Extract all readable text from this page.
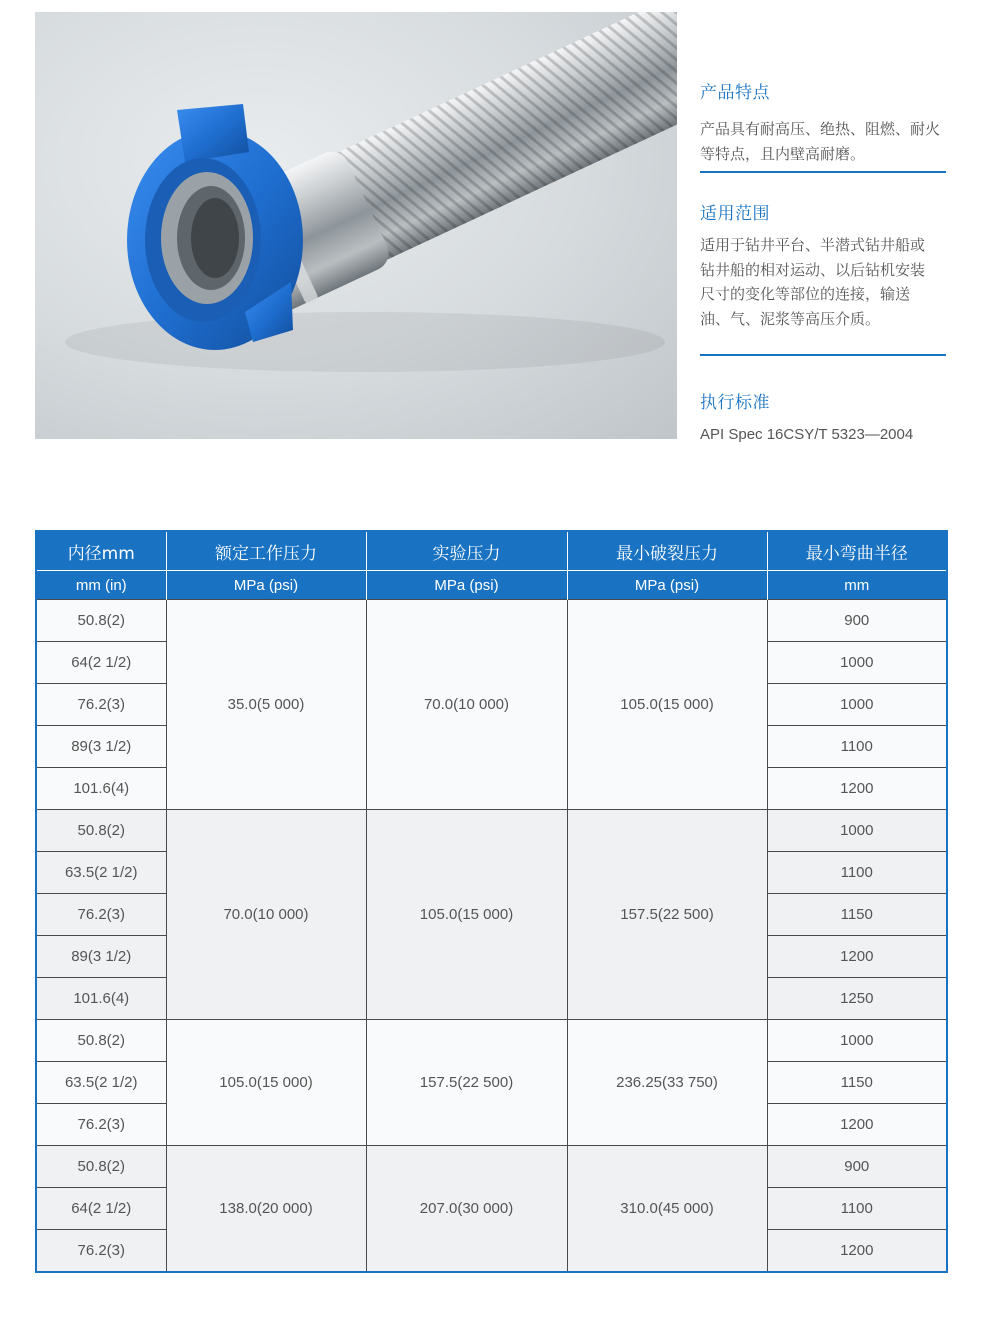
产品特点

产品具有耐高压、绝热、阻燃、耐火
等特点，且内壁高耐磨。

适用范围

适用于钻井平台、半潜式钻井船或
钻井船的相对运动、以后钻机安装
尺寸的变化等部位的连接，输送
油、气、泥浆等高压介质。

执行标准

API Spec 16CSY/T 5323—2004

内径mm	额定工作压力	实验压力	最小破裂压力	最小弯曲半径
mm (in)	MPa (psi)	MPa (psi)	MPa (psi)	mm
50.8(2)	35.0(5 000)	70.0(10 000)	105.0(15 000)	900
64(2 1/2)				1000
76.2(3)				1000
89(3 1/2)				1100
101.6(4)				1200
50.8(2)	70.0(10 000)	105.0(15 000)	157.5(22 500)	1000
63.5(2 1/2)				1100
76.2(3)				1150
89(3 1/2)				1200
101.6(4)				1250
50.8(2)	105.0(15 000)	157.5(22 500)	236.25(33 750)	1000
63.5(2 1/2)				1150
76.2(3)				1200
50.8(2)	138.0(20 000)	207.0(30 000)	310.0(45 000)	900
64(2 1/2)				1100
76.2(3)				1200
